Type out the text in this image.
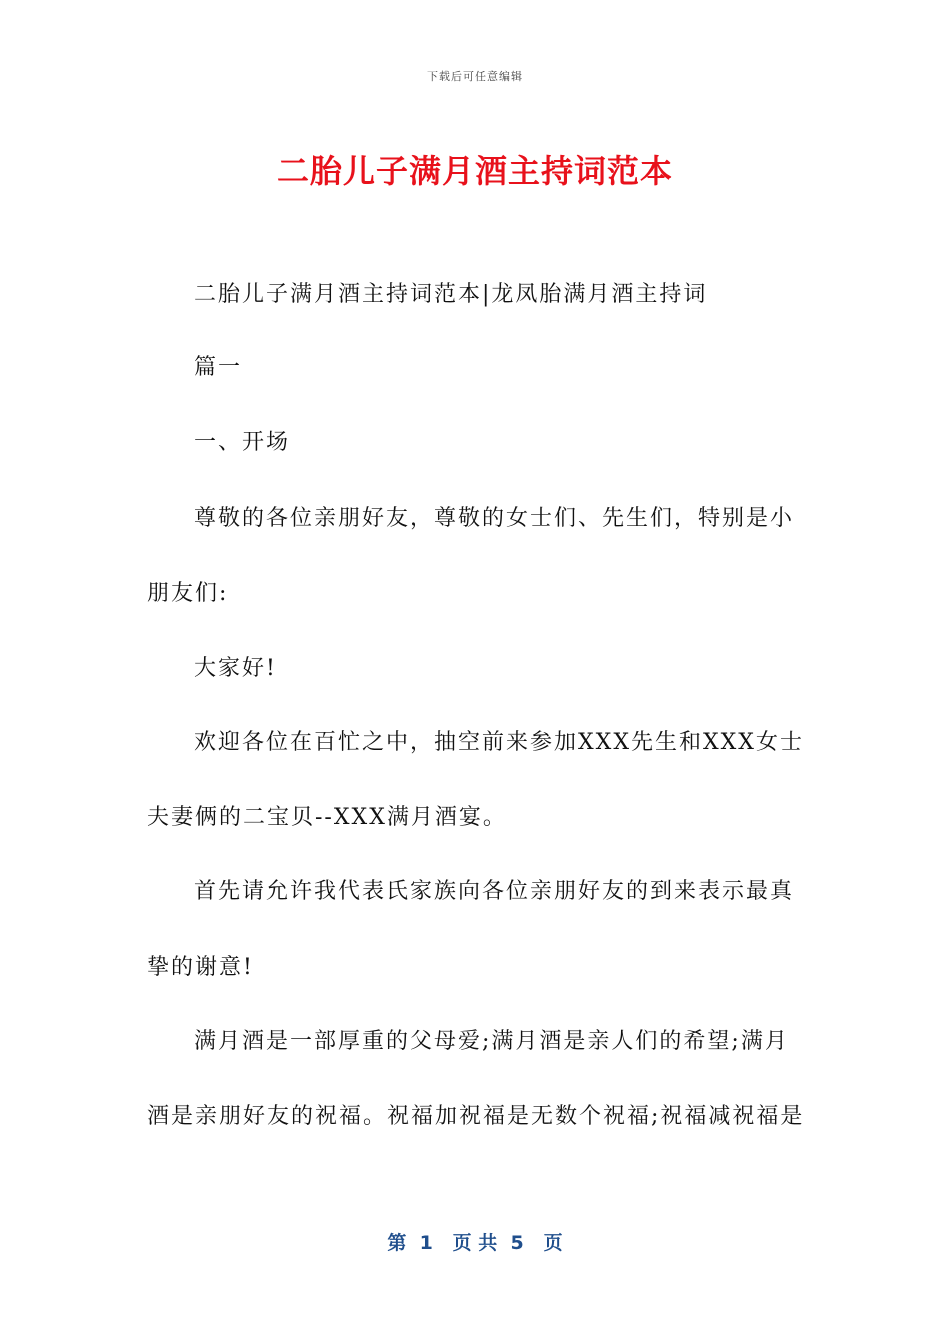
下载后可任意编辑
二胎儿子满月酒主持词范本
二胎儿子满月酒主持词范本|龙凤胎满月酒主持词
篇一
一、开场
尊敬的各位亲朋好友，尊敬的女士们、先生们，特别是小
朋友们:
大家好!
欢迎各位在百忙之中，抽空前来参加XXX先生和XXX女士
夫妻俩的二宝贝--XXX满月酒宴。
首先请允许我代表氏家族向各位亲朋好友的到来表示最真
挚的谢意!
满月酒是一部厚重的父母爱;满月酒是亲人们的希望;满月
酒是亲朋好友的祝福。祝福加祝福是无数个祝福;祝福减祝福是
第  1   页 共  5   页
